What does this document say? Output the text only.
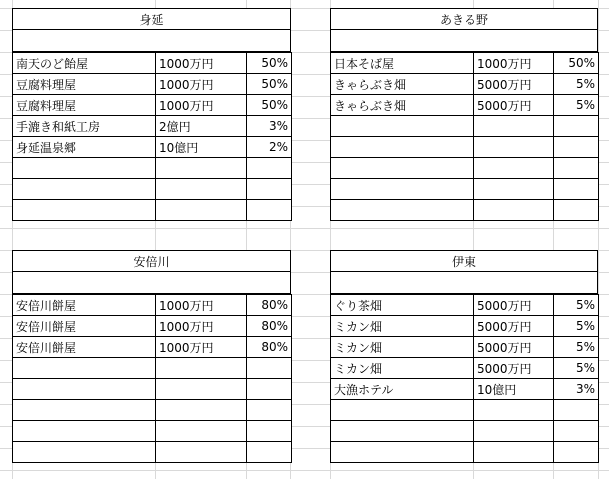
身延
南天のど飴屋	1000万円	50%
豆腐料理屋	1000万円	50%
豆腐料理屋	1000万円	50%
手漉き和紙工房	2億円	3%
身延温泉郷	10億円	2%

あきる野
日本そば屋	1000万円	50%
きゃらぶき畑	5000万円	5%
きゃらぶき畑	5000万円	5%

安倍川
安倍川餅屋	1000万円	80%
安倍川餅屋	1000万円	80%
安倍川餅屋	1000万円	80%

伊東
ぐり茶畑	5000万円	5%
ミカン畑	5000万円	5%
ミカン畑	5000万円	5%
ミカン畑	5000万円	5%
大漁ホテル	10億円	3%
